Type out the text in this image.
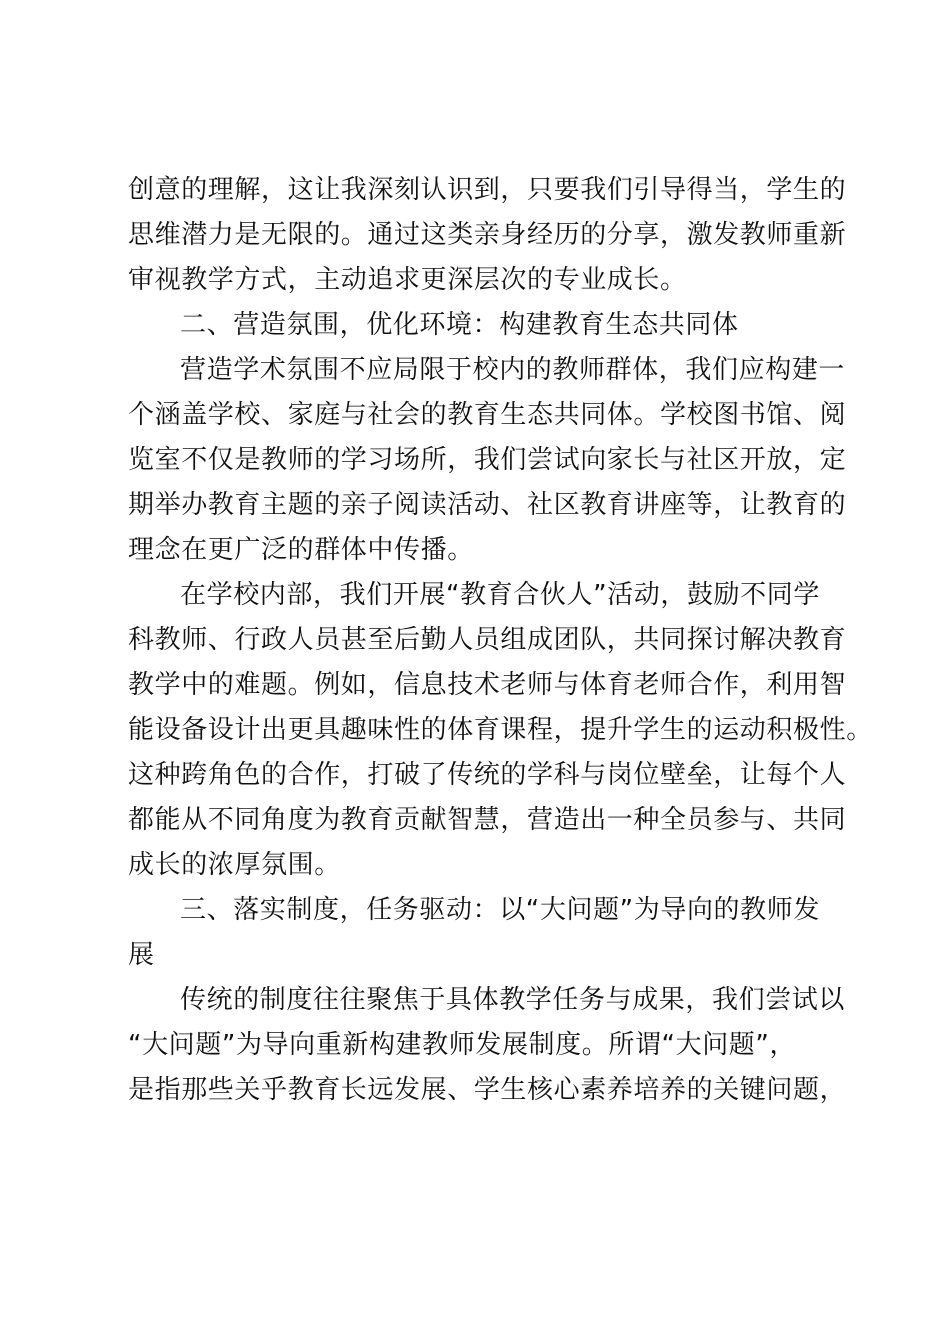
创意的理解，这让我深刻认识到，只要我们引导得当，学生的
思维潜力是无限的。通过这类亲身经历的分享，激发教师重新
审视教学方式，主动追求更深层次的专业成长。
二、营造氛围，优化环境：构建教育生态共同体
营造学术氛围不应局限于校内的教师群体，我们应构建一
个涵盖学校、家庭与社会的教育生态共同体。学校图书馆、阅
览室不仅是教师的学习场所，我们尝试向家长与社区开放，定
期举办教育主题的亲子阅读活动、社区教育讲座等，让教育的
理念在更广泛的群体中传播。
在学校内部，我们开展“教育合伙人”活动，鼓励不同学
科教师、行政人员甚至后勤人员组成团队，共同探讨解决教育
教学中的难题。例如，信息技术老师与体育老师合作，利用智
能设备设计出更具趣味性的体育课程，提升学生的运动积极性。
这种跨角色的合作，打破了传统的学科与岗位壁垒，让每个人
都能从不同角度为教育贡献智慧，营造出一种全员参与、共同
成长的浓厚氛围。
三、落实制度，任务驱动：以“大问题”为导向的教师发
展
传统的制度往往聚焦于具体教学任务与成果，我们尝试以
“大问题”为导向重新构建教师发展制度。所谓“大问题”，
是指那些关乎教育长远发展、学生核心素养培养的关键问题，
